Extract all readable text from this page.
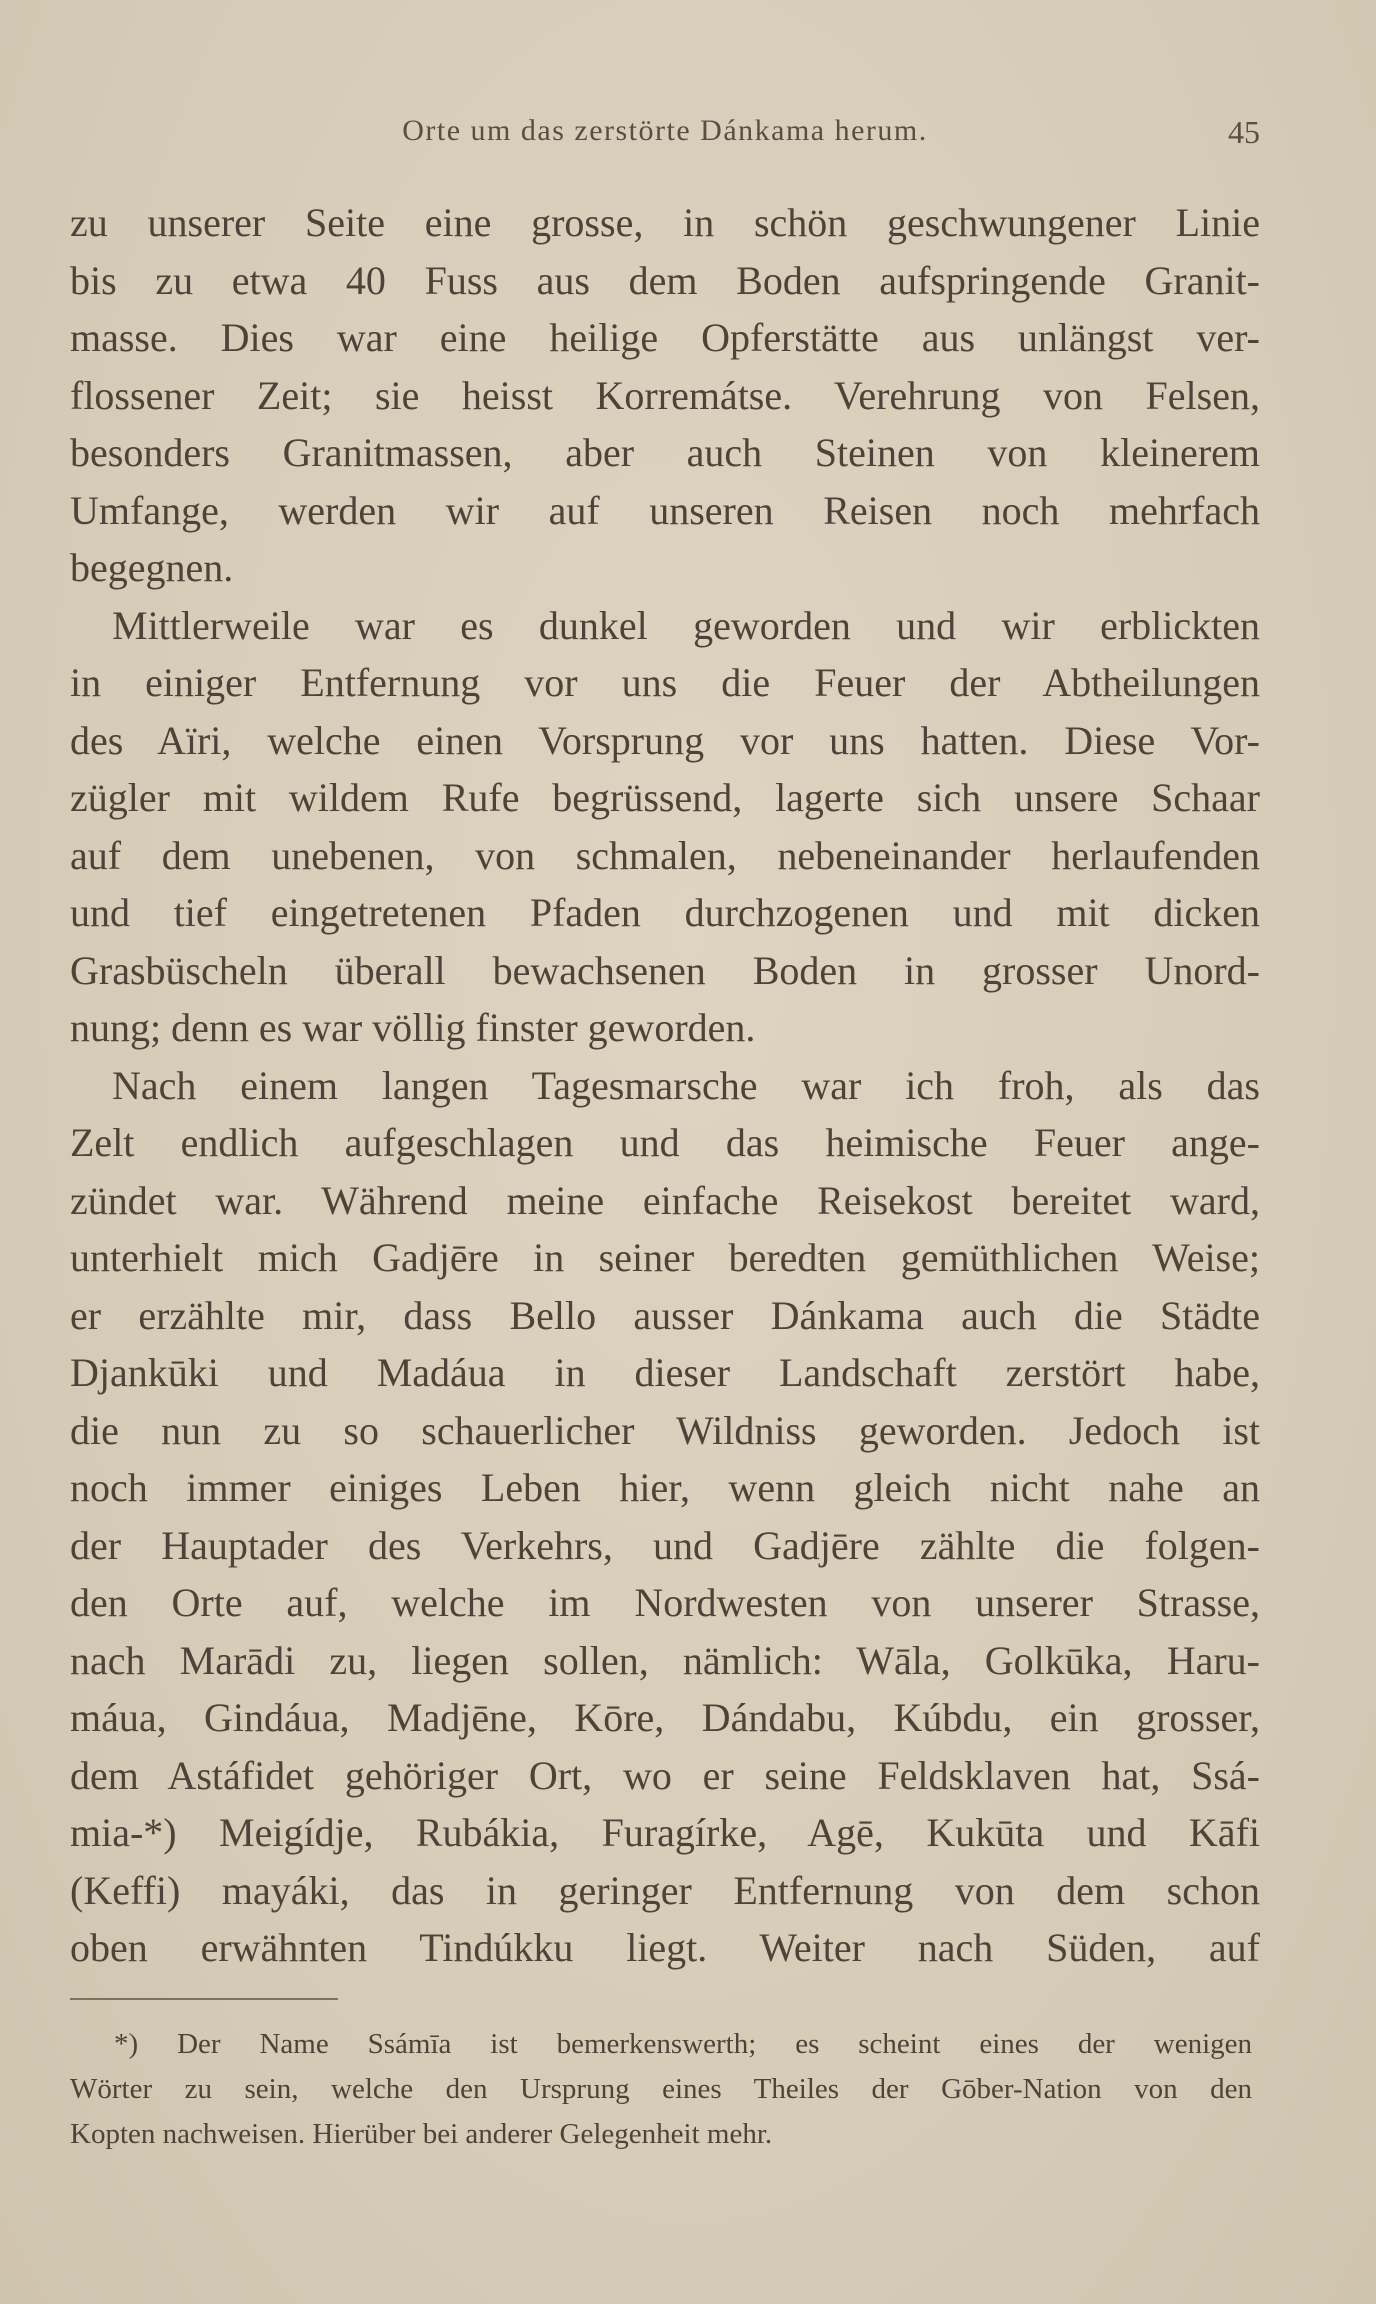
Orte um das zerstörte Dánkama herum.	45
zu unserer Seite eine grosse, in schön geschwungener Linie
bis zu etwa 40 Fuss aus dem Boden aufspringende Granit-
masse. Dies war eine heilige Opferstätte aus unlängst ver-
flossener Zeit; sie heisst Korremátse. Verehrung von Felsen,
besonders Granitmassen, aber auch Steinen von kleinerem
Umfange, werden wir auf unseren Reisen noch mehrfach
begegnen.
Mittlerweile war es dunkel geworden und wir erblickten
in einiger Entfernung vor uns die Feuer der Abtheilungen
des Aïri, welche einen Vorsprung vor uns hatten. Diese Vor-
zügler mit wildem Rufe begrüssend, lagerte sich unsere Schaar
auf dem unebenen, von schmalen, nebeneinander herlaufenden
und tief eingetretenen Pfaden durchzogenen und mit dicken
Grasbüscheln überall bewachsenen Boden in grosser Unord-
nung; denn es war völlig finster geworden.
Nach einem langen Tagesmarsche war ich froh, als das
Zelt endlich aufgeschlagen und das heimische Feuer ange-
zündet war. Während meine einfache Reisekost bereitet ward,
unterhielt mich Gadjēre in seiner beredten gemüthlichen Weise;
er erzählte mir, dass Bello ausser Dánkama auch die Städte
Djankūki und Madáua in dieser Landschaft zerstört habe,
die nun zu so schauerlicher Wildniss geworden. Jedoch ist
noch immer einiges Leben hier, wenn gleich nicht nahe an
der Hauptader des Verkehrs, und Gadjēre zählte die folgen-
den Orte auf, welche im Nordwesten von unserer Strasse,
nach Marādi zu, liegen sollen, nämlich: Wāla, Golkūka, Haru-
máua, Gindáua, Madjēne, Kōre, Dándabu, Kúbdu, ein grosser,
dem Astáfidet gehöriger Ort, wo er seine Feldsklaven hat, Ssá-
mia-*) Meigídje, Rubákia, Furagírke, Agē, Kukūta und Kāfi
(Keffi) mayáki, das in geringer Entfernung von dem schon
oben erwähnten Tindúkku liegt. Weiter nach Süden, auf
*) Der Name Ssámīa ist bemerkenswerth; es scheint eines der wenigen
Wörter zu sein, welche den Ursprung eines Theiles der Gōber-Nation von den
Kopten nachweisen. Hierüber bei anderer Gelegenheit mehr.
